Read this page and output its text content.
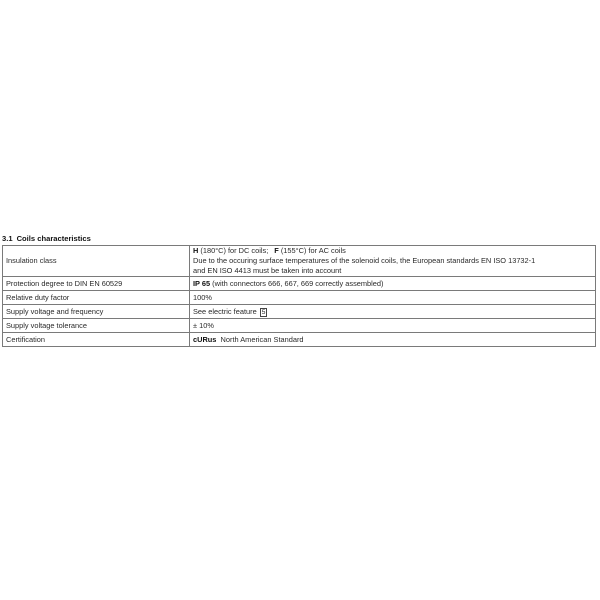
3.1 Coils characteristics
Insulation class	H (180°C) for DC coils; F (155°C) for AC coils
Due to the occuring surface temperatures of the solenoid coils, the European standards EN ISO 13732-1
and EN ISO 4413 must be taken into account

Protection degree to DIN EN 60529	IP 65 (with connectors 666, 667, 669 correctly assembled)
Relative duty factor	100%
Supply voltage and frequency	See electric feature 5
Supply voltage tolerance	± 10%
Certification	cURus North American Standard
